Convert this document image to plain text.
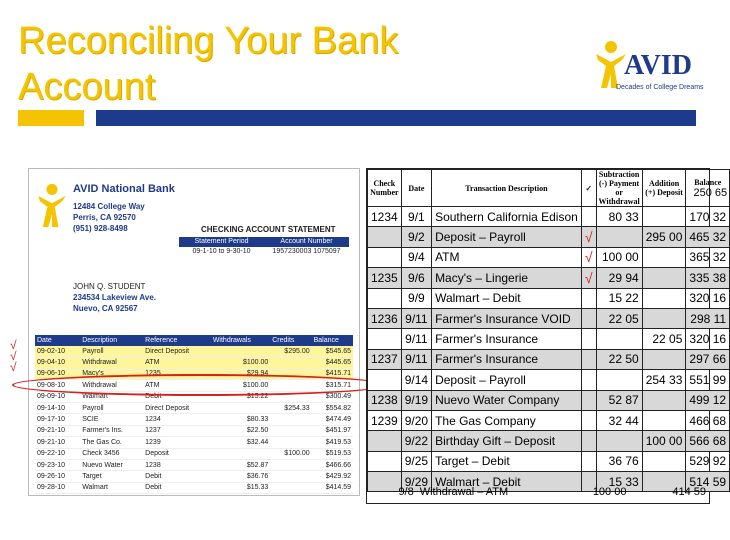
Reconciling Your Bank
Account
AVID
Decades of College Dreams
AVID National Bank
12484 College Way
Perris, CA 92570
(951) 928-8498	CHECKING ACCOUNT STATEMENT
Statement Period	Account Number
09-1-10 to 9-30-10	1957230003 1075097
JOHN Q. STUDENT
234534 Lakeview Ave.
Nuevo, CA 92567
Date	Description	Reference	Withdrawals	Credits	Balance
09-02-10	Payroll	Direct Deposit		$295.00	$545.65
09-04-10	Withdrawal	ATM	$100.00		$445.65
09-06-10	Macy's	1235	$29.94		$415.71
09-08-10	Withdrawal	ATM	$100.00		$315.71
09-09-10	Walmart	Debit	$15.22		$300.49
09-14-10	Payroll	Direct Deposit		$254.33	$554.82
09-17-10	SCIE	1234	$80.33		$474.49
09-21-10	Farmer's Ins.	1237	$22.50		$451.97
09-21-10	The Gas Co.	1239	$32.44		$419.53
09-22-10	Check 3456	Deposit		$100.00	$519.53
09-23-10	Nuevo Water	1238	$52.87		$466.66
09-26-10	Target	Debit	$36.76		$429.92
09-28-10	Walmart	Debit	$15.33		$414.59
√
√
√
Check Number	Date	Transaction Description	✓	Subtraction (-) Payment or Withdrawal	Addition (+) Deposit	Balance
250 65

1234	9/1	Southern California Edison		80 33		170 32
	9/2	Deposit – Payroll	√		295 00	465 32
	9/4	ATM	√	100 00		365 32
1235	9/6	Macy's – Lingerie	√	29 94		335 38
	9/9	Walmart – Debit		15 22		320 16
1236	9/11	Farmer's Insurance VOID		22 05		298 11
	9/11	Farmer's Insurance			22 05	320 16
1237	9/11	Farmer's Insurance		22 50		297 66
	9/14	Deposit – Payroll			254 33	551 99
1238	9/19	Nuevo Water Company		52 87		499 12
1239	9/20	The Gas Company		32 44		466 68
	9/22	Birthday Gift – Deposit			100 00	566 68
	9/25	Target – Debit		36 76		529 92
	9/29	Walmart – Debit		15 33		514 59
9/8 Withdrawal – ATM	100 00	414 59
